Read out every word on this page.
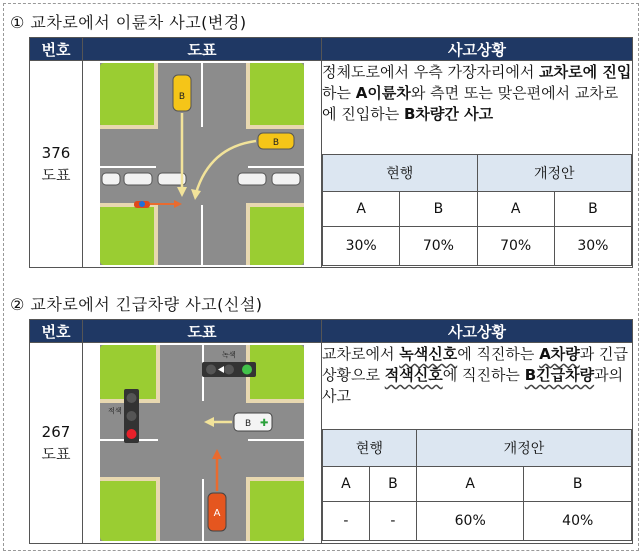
① 교차로에서 이륜차 사고(변경)
번호	도표	사고상황

376
도표

B
B

정체도로에서 우측 가장자리에서 교차로에 진입하는 A이륜차와 측면 또는 맞은편에서 교차로에 진입하는 B차량간 사고
현행	개정안
A	B	A	B
30%	70%	70%	30%
② 교차로에서 긴급차량 사고(신설)
번호	도표	사고상황

267
도표

녹색
적색
B ✚
A

교차로에서 녹색신호에 직진하는 A차량과 긴급상황으로 적색신호에 직진하는 B긴급차량과의 사고
현행	개정안
A	B	A	B
-	-	60%	40%
